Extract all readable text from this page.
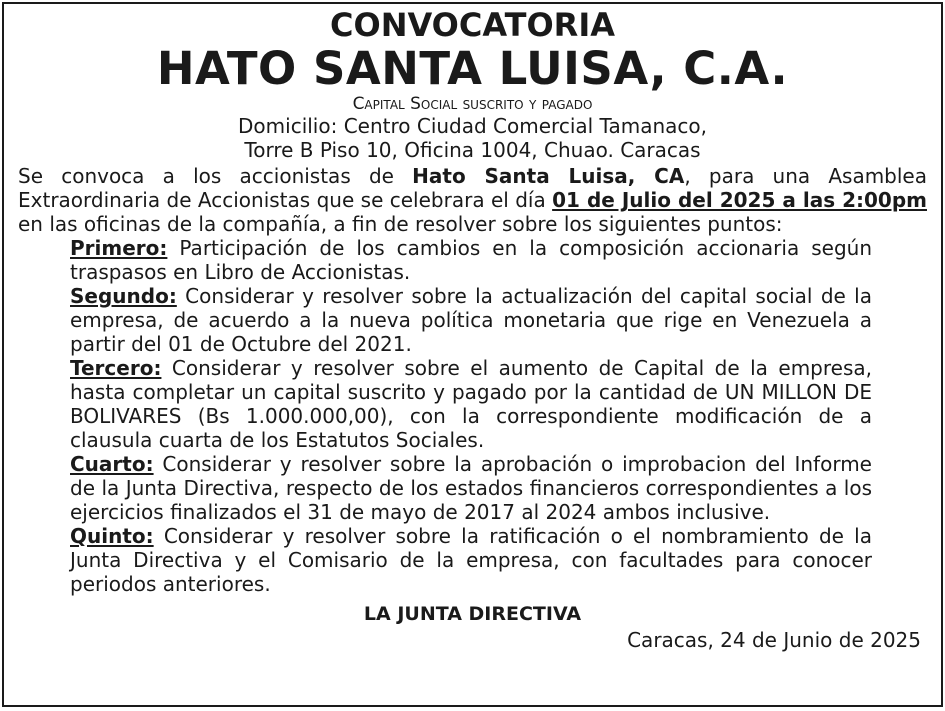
CONVOCATORIA
HATO SANTA LUISA, C.A.

Capital Social suscrito y pagado

Domicilio: Centro Ciudad Comercial Tamanaco,

Torre B Piso 10, Oficina 1004, Chuao. Caracas

Se convoca a los accionistas de Hato Santa Luisa, CA, para una Asamblea Extraordinaria de Accionistas que se celebrara el día 01 de Julio del 2025 a las 2:00pm en las oficinas de la compañía, a fin de resolver sobre los siguientes puntos:

Primero: Participación de los cambios en la composición accionaria según traspasos en Libro de Accionistas.
Segundo: Considerar y resolver sobre la actualización del capital social de la empresa, de acuerdo a la nueva política monetaria que rige en Venezuela a partir del 01 de Octubre del 2021.
Tercero: Considerar y resolver sobre el aumento de Capital de la empresa, hasta completar un capital suscrito y pagado por la cantidad de UN MILLON DE BOLIVARES (Bs 1.000.000,00), con la correspondiente modificación de a clausula cuarta de los Estatutos Sociales.
Cuarto: Considerar y resolver sobre la aprobación o improbacion del Informe de la Junta Directiva, respecto de los estados financieros correspondientes a los ejercicios finalizados el 31 de mayo de 2017 al 2024 ambos inclusive.
Quinto: Considerar y resolver sobre la ratificación o el nombramiento de la Junta Directiva y el Comisario de la empresa, con facultades para conocer periodos anteriores.

LA JUNTA DIRECTIVA

Caracas, 24 de Junio de 2025
